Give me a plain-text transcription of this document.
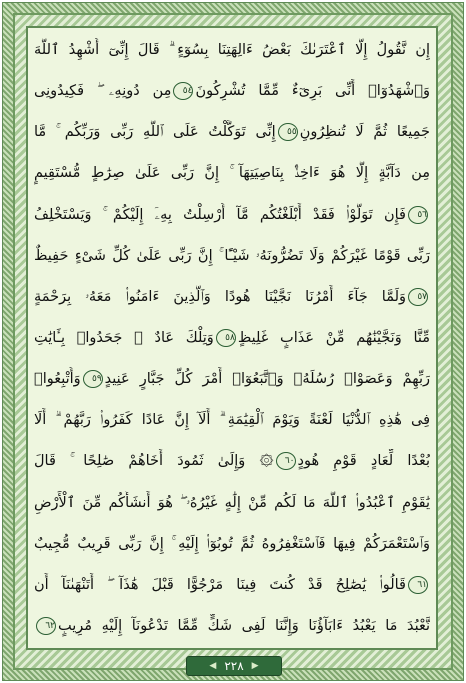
إِن نَّقُولُ إِلَّا ٱعْتَرَىٰكَ بَعْضُ ءَالِهَتِنَا بِسُوٓءٍ ۗ قَالَ إِنِّىٓ أُشْهِدُ ٱللَّهَ
وَٱشْهَدُوٓا۟ أَنِّى بَرِىٓءٌ مِّمَّا تُشْرِكُونَ٥٤مِن دُونِهِۦ ۖ فَكِيدُونِى
جَمِيعًا ثُمَّ لَا تُنظِرُونِ٥٥إِنِّى تَوَكَّلْتُ عَلَى ٱللَّهِ رَبِّى وَرَبِّكُم ۚ مَّا
مِن دَآبَّةٍ إِلَّا هُوَ ءَاخِذٌۢ بِنَاصِيَتِهَآ ۚ إِنَّ رَبِّى عَلَىٰ صِرَٰطٍ مُّسْتَقِيمٍ
٥٦فَإِن تَوَلَّوْا۟ فَقَدْ أَبْلَغْتُكُم مَّآ أُرْسِلْتُ بِهِۦٓ إِلَيْكُمْ ۚ وَيَسْتَخْلِفُ
رَبِّى قَوْمًا غَيْرَكُمْ وَلَا تَضُرُّونَهُۥ شَيْـًٔا ۚ إِنَّ رَبِّى عَلَىٰ كُلِّ شَىْءٍ حَفِيظٌ
٥٧وَلَمَّا جَآءَ أَمْرُنَا نَجَّيْنَا هُودًا وَٱلَّذِينَ ءَامَنُوا۟ مَعَهُۥ بِرَحْمَةٍ
مِّنَّا وَنَجَّيْنَٰهُم مِّنْ عَذَابٍ غَلِيظٍ٥٨وَتِلْكَ عَادٌ ۖ جَحَدُوا۟ بِـَٔايَٰتِ
رَبِّهِمْ وَعَصَوْا۟ رُسُلَهُۥ وَٱتَّبَعُوٓا۟ أَمْرَ كُلِّ جَبَّارٍ عَنِيدٍ٥٩وَأُتْبِعُوا۟
فِى هَٰذِهِ ٱلدُّنْيَا لَعْنَةً وَيَوْمَ ٱلْقِيَٰمَةِ ۗ أَلَآ إِنَّ عَادًا كَفَرُوا۟ رَبَّهُمْ ۗ أَلَا
بُعْدًا لِّعَادٍ قَوْمِ هُودٍ٦٠۞ وَإِلَىٰ ثَمُودَ أَخَاهُمْ صَٰلِحًا ۚ قَالَ
يَٰقَوْمِ ٱعْبُدُوا۟ ٱللَّهَ مَا لَكُم مِّنْ إِلَٰهٍ غَيْرُهُۥ ۖ هُوَ أَنشَأَكُم مِّنَ ٱلْأَرْضِ
وَٱسْتَعْمَرَكُمْ فِيهَا فَٱسْتَغْفِرُوهُ ثُمَّ تُوبُوٓا۟ إِلَيْهِ ۚ إِنَّ رَبِّى قَرِيبٌ مُّجِيبٌ
٦١قَالُوا۟ يَٰصَٰلِحُ قَدْ كُنتَ فِينَا مَرْجُوًّا قَبْلَ هَٰذَآ ۖ أَتَنْهَىٰنَآ أَن
نَّعْبُدَ مَا يَعْبُدُ ءَابَآؤُنَا وَإِنَّنَا لَفِى شَكٍّ مِّمَّا تَدْعُونَآ إِلَيْهِ مُرِيبٍ٦٢
◀ ٢٢٨ ▶
